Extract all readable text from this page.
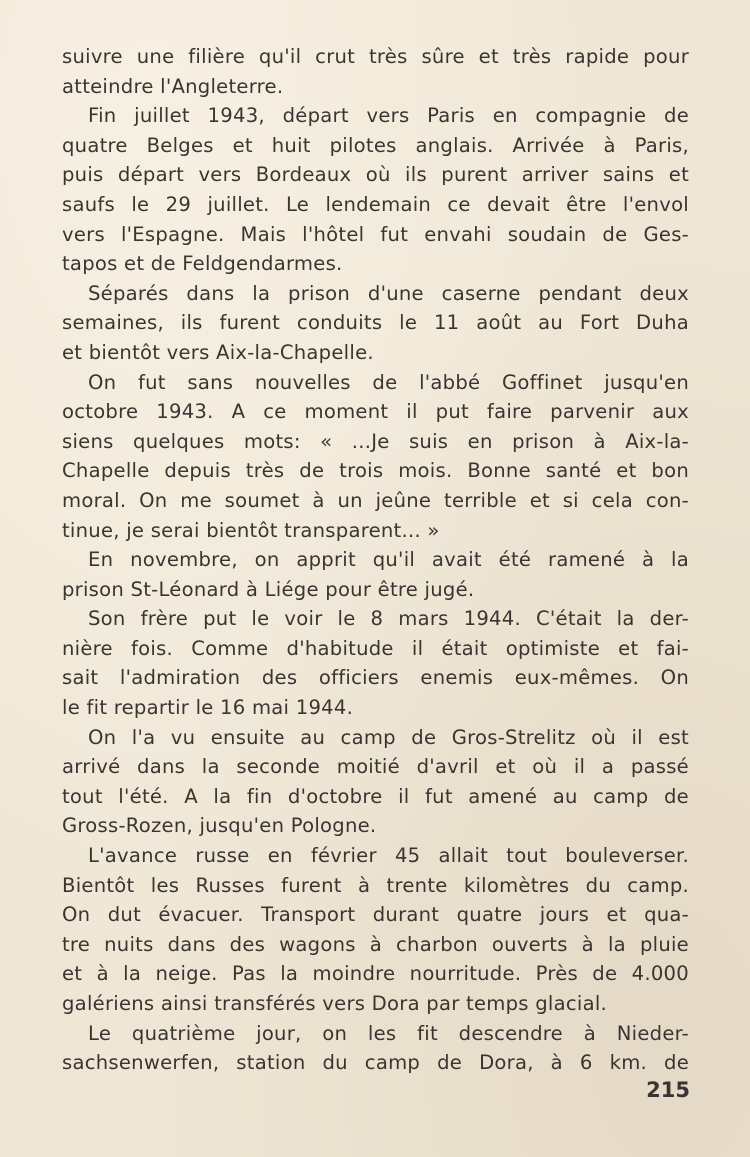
suivre une filière qu'il crut très sûre et très rapide pour
atteindre l'Angleterre.
Fin juillet 1943, départ vers Paris en compagnie de
quatre Belges et huit pilotes anglais. Arrivée à Paris,
puis départ vers Bordeaux où ils purent arriver sains et
saufs le 29 juillet. Le lendemain ce devait être l'envol
vers l'Espagne. Mais l'hôtel fut envahi soudain de Ges-
tapos et de Feldgendarmes.
Séparés dans la prison d'une caserne pendant deux
semaines, ils furent conduits le 11 août au Fort Duha
et bientôt vers Aix-la-Chapelle.
On fut sans nouvelles de l'abbé Goffinet jusqu'en
octobre 1943. A ce moment il put faire parvenir aux
siens quelques mots: « ...Je suis en prison à Aix-la-
Chapelle depuis très de trois mois. Bonne santé et bon
moral. On me soumet à un jeûne terrible et si cela con-
tinue, je serai bientôt transparent... »
En novembre, on apprit qu'il avait été ramené à la
prison St-Léonard à Liége pour être jugé.
Son frère put le voir le 8 mars 1944. C'était la der-
nière fois. Comme d'habitude il était optimiste et fai-
sait l'admiration des officiers enemis eux-mêmes. On
le fit repartir le 16 mai 1944.
On l'a vu ensuite au camp de Gros-Strelitz où il est
arrivé dans la seconde moitié d'avril et où il a passé
tout l'été. A la fin d'octobre il fut amené au camp de
Gross-Rozen, jusqu'en Pologne.
L'avance russe en février 45 allait tout bouleverser.
Bientôt les Russes furent à trente kilomètres du camp.
On dut évacuer. Transport durant quatre jours et qua-
tre nuits dans des wagons à charbon ouverts à la pluie
et à la neige. Pas la moindre nourritude. Près de 4.000
galériens ainsi transférés vers Dora par temps glacial.
Le quatrième jour, on les fit descendre à Nieder-
sachsenwerfen, station du camp de Dora, à 6 km. de
215
